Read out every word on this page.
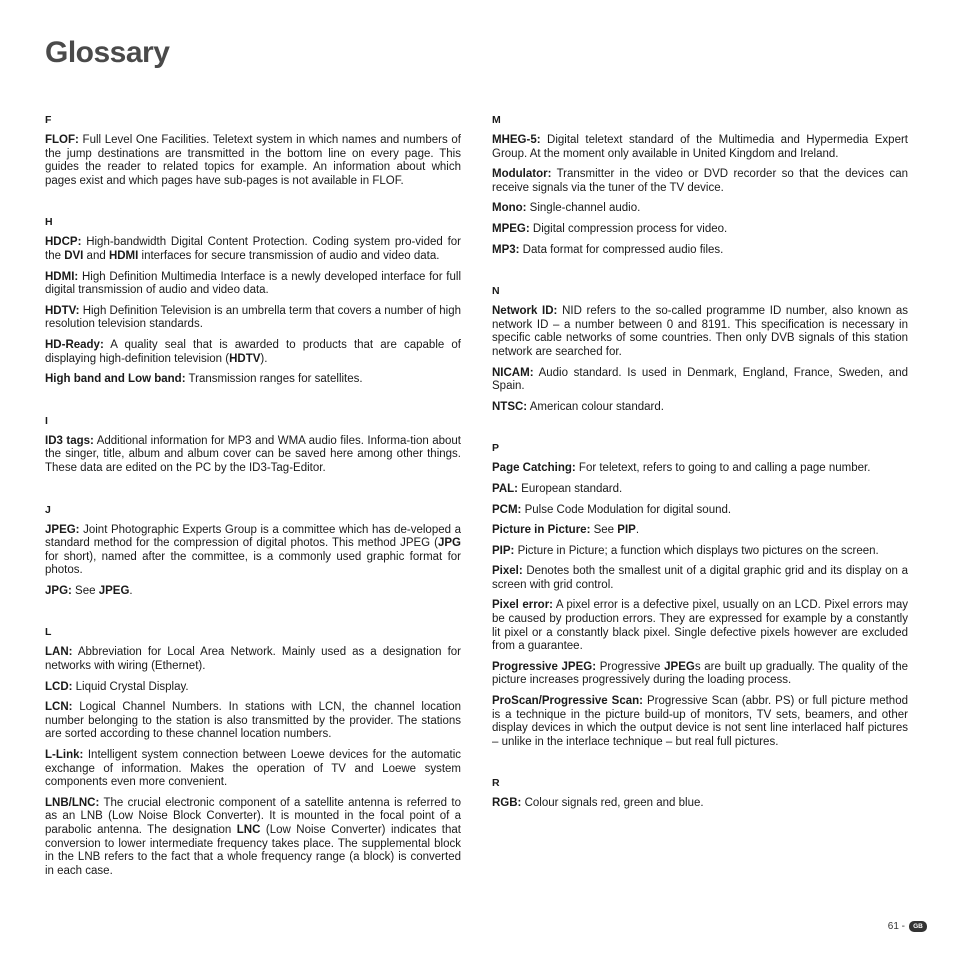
Glossary

F

FLOF: Full Level One Facilities. Teletext system in which names and numbers of the jump destinations are transmitted in the bottom line on every page. This guides the reader to related topics for example. An information about which pages exist and which pages have sub-pages is not available in FLOF.

H

HDCP: High-bandwidth Digital Content Protection. Coding system pro-vided for the DVI and HDMI interfaces for secure transmission of audio and video data.

HDMI: High Definition Multimedia Interface is a newly developed interface for full digital transmission of audio and video data.

HDTV: High Definition Television is an umbrella term that covers a number of high resolution television standards.

HD-Ready: A quality seal that is awarded to products that are capable of displaying high-definition television (HDTV).

High band and Low band: Transmission ranges for satellites.

I

ID3 tags: Additional information for MP3 and WMA audio files. Informa-tion about the singer, title, album and album cover can be saved here among other things. These data are edited on the PC by the ID3-Tag-Editor.

J

JPEG: Joint Photographic Experts Group is a committee which has de-veloped a standard method for the compression of digital photos. This method JPEG (JPG for short), named after the committee, is a commonly used graphic format for photos.

JPG: See JPEG.

L

LAN: Abbreviation for Local Area Network. Mainly used as a designation for networks with wiring (Ethernet).

LCD: Liquid Crystal Display.

LCN: Logical Channel Numbers. In stations with LCN, the channel location number belonging to the station is also transmitted by the provider. The stations are sorted according to these channel location numbers.

L-Link: Intelligent system connection between Loewe devices for the automatic exchange of information. Makes the operation of TV and Loewe system components even more convenient.

LNB/LNC: The crucial electronic component of a satellite antenna is referred to as an LNB (Low Noise Block Converter). It is mounted in the focal point of a parabolic antenna. The designation LNC (Low Noise Converter) indicates that conversion to lower intermediate frequency takes place. The supplemental block in the LNB refers to the fact that a whole frequency range (a block) is converted in each case.

M

MHEG-5: Digital teletext standard of the Multimedia and Hypermedia Expert Group. At the moment only available in United Kingdom and Ireland.

Modulator: Transmitter in the video or DVD recorder so that the devices can receive signals via the tuner of the TV device.

Mono: Single-channel audio.

MPEG: Digital compression process for video.

MP3: Data format for compressed audio files.

N

Network ID: NID refers to the so-called programme ID number, also known as network ID – a number between 0 and 8191. This specification is necessary in specific cable networks of some countries. Then only DVB signals of this station network are searched for.

NICAM: Audio standard. Is used in Denmark, England, France, Sweden, and Spain.

NTSC: American colour standard.

P

Page Catching: For teletext, refers to going to and calling a page number.

PAL: European standard.

PCM: Pulse Code Modulation for digital sound.

Picture in Picture: See PIP.

PIP: Picture in Picture; a function which displays two pictures on the screen.

Pixel: Denotes both the smallest unit of a digital graphic grid and its display on a screen with grid control.

Pixel error: A pixel error is a defective pixel, usually on an LCD. Pixel errors may be caused by production errors. They are expressed for example by a constantly lit pixel or a constantly black pixel. Single defective pixels however are excluded from a guarantee.

Progressive JPEG: Progressive JPEGs are built up gradually. The quality of the picture increases progressively during the loading process.

ProScan/Progressive Scan: Progressive Scan (abbr. PS) or full picture method is a technique in the picture build-up of monitors, TV sets, beamers, and other display devices in which the output device is not sent line interlaced half pictures – unlike in the interlace technique – but real full pictures.

R

RGB: Colour signals red, green and blue.

61 -	GB
